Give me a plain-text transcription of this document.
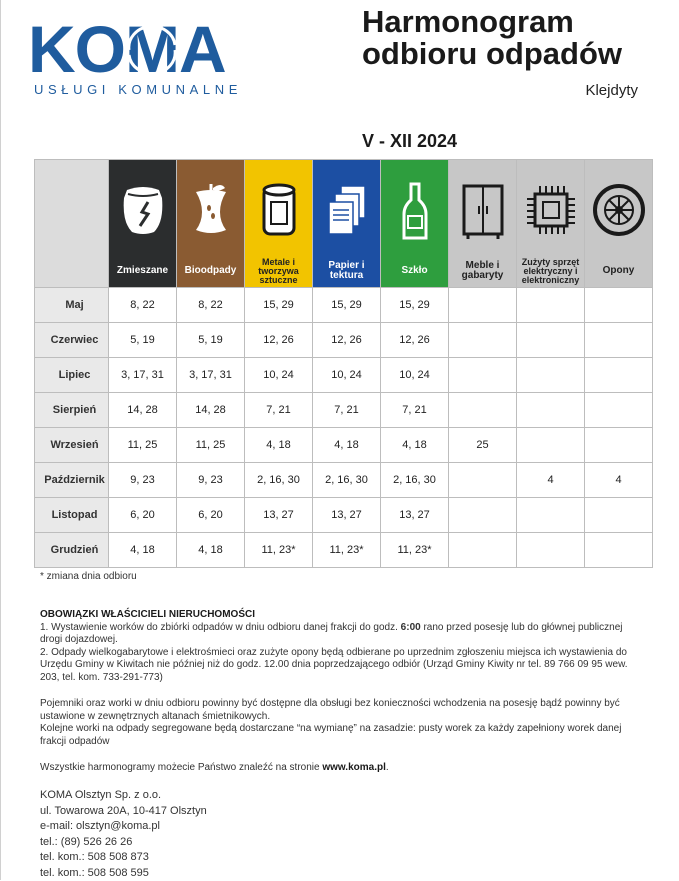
KOMA
USŁUGI KOMUNALNE
Harmonogram
odbioru odpadów
Klejdyty
V - XII 2024

Zmieszane	Bioodpady	Metale i tworzywa sztuczne	Papier i tektura	Szkło	Meble i gabaryty	Zużyty sprzęt elektryczny i elektroniczny	Opony

Maj	8, 22	8, 22	15, 29	15, 29	15, 29			
Czerwiec	5, 19	5, 19	12, 26	12, 26	12, 26			
Lipiec	3, 17, 31	3, 17, 31	10, 24	10, 24	10, 24			
Sierpień	14, 28	14, 28	7, 21	7, 21	7, 21			
Wrzesień	11, 25	11, 25	4, 18	4, 18	4, 18	25		
Październik	9, 23	9, 23	2, 16, 30	2, 16, 30	2, 16, 30		4	4
Listopad	6, 20	6, 20	13, 27	13, 27	13, 27			
Grudzień	4, 18	4, 18	11, 23*	11, 23*	11, 23*			
* zmiana dnia odbioru

OBOWIĄZKI WŁAŚCICIELI NIERUCHOMOŚCI

1. Wystawienie worków do zbiórki odpadów w dniu odbioru danej frakcji do godz. 6:00 rano przed posesję lub do głównej publicznej drogi dojazdowej.

2. Odpady wielkogabarytowe i elektrośmieci oraz zużyte opony będą odbierane po uprzednim zgłoszeniu miejsca ich wystawienia do Urzędu Gminy w Kiwitach nie później niż do godz. 12.00 dnia poprzedzającego odbiór (Urząd Gminy Kiwity nr tel. 89 766 09 95 wew. 203, tel. kom. 733-291-773)

Pojemniki oraz worki w dniu odbioru powinny być dostępne dla obsługi bez konieczności wchodzenia na posesję bądź powinny być ustawione w zewnętrznych altanach śmietnikowych.

Kolejne worki na odpady segregowane będą dostarczane “na wymianę” na zasadzie: pusty worek za każdy zapełniony worek danej frakcji odpadów

Wszystkie harmonogramy możecie Państwo znaleźć na stronie www.koma.pl.

KOMA Olsztyn Sp. z o.o.
ul. Towarowa 20A, 10-417 Olsztyn
e-mail: olsztyn@koma.pl
tel.: (89) 526 26 26
tel. kom.: 508 508 873
tel. kom.: 508 508 595
